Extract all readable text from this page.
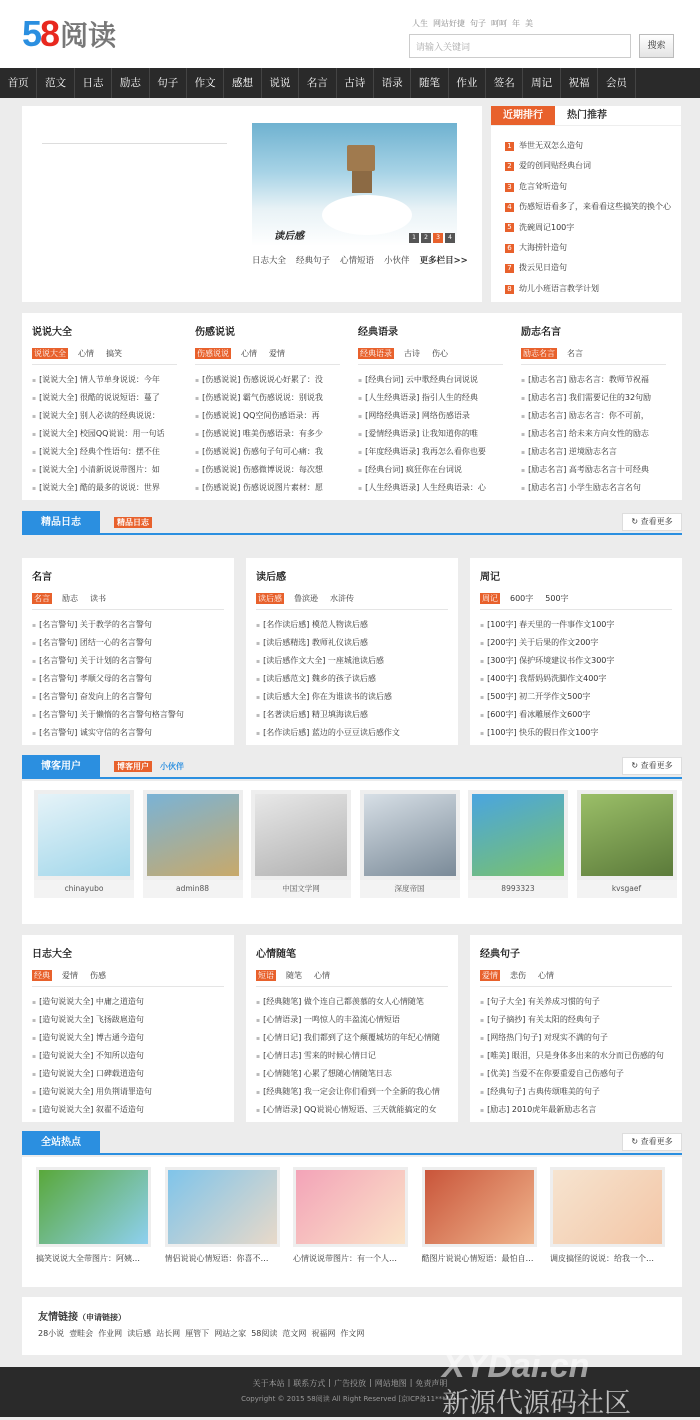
5 8 阅读	人生 网站好捷 句子 呵呵 年 美
请输入关键词	搜索
首页	范文	日志	励志	句子	作文	感想	说说	名言	古诗	语录	随笔	作业	签名	周记	祝福	会员
读后感	1	2	3	4
日志大全 经典句子 心情短语 小伙伴 更多栏目>>
近期排行	热门推荐
1 举世无双怎么造句
2 爱的创同贴经典台词
3 危言耸听造句
4 伤感短语看多了，来看看这些搞笑的换个心
5 洗碗周记100字
6 大海捞针造句
7 拨云见日造句
8 幼儿小班语言教学计划
说说大全
说说大全 心情 搞笑
▪ [说说大全] 情人节单身说说：今年
▪ [说说大全] 很酷的说说短语：蔓了
▪ [说说大全] 别人必读的经典说说：
▪ [说说大全] 校园QQ说说：用一句话
▪ [说说大全] 经典个性语句：摆不住
▪ [说说大全] 小清新说说带图片：如
▪ [说说大全] 酷的最多的说说：世界
伤感说说
伤感说说 心情 爱情
▪ [伤感说说] 伤感说说心好累了：没
▪ [伤感说说] 霸气伤感说说：别说我
▪ [伤感说说] QQ空间伤感语录：再
▪ [伤感说说] 唯美伤感语录：有多少
▪ [伤感说说] 伤感句子句可心痛：我
▪ [伤感说说] 伤感微博说说：每次想
▪ [伤感说说] 伤感说说图片素材：愿
经典语录
经典语录 古诗 伤心
▪ [经典台词] 云中歌经典台词说说
▪ [人生经典语录] 指引人生的经典
▪ [网络经典语录] 网络伤感语录
▪ [爱情经典语录] 让我知道你的唯
▪ [年度经典语录] 我再怎么看你也要
▪ [经典台词] 疯狂你在台词说
▪ [人生经典语录] 人生经典语录：心
励志名言
励志名言 名言
▪ [励志名言] 励志名言：教师节祝福
▪ [励志名言] 我们需要记住的32句励
▪ [励志名言] 励志名言：你不可前，
▪ [励志名言] 给未来方向女性的励志
▪ [励志名言] 逆境励志名言
▪ [励志名言] 高考励志名言十可经典
▪ [励志名言] 小学生励志名言名句
精品日志	精品日志	↻ 查看更多
名言
名言 励志 读书
▪ [名言警句] 关于教学的名言警句
▪ [名言警句] 团结一心的名言警句
▪ [名言警句] 关于计划的名言警句
▪ [名言警句] 孝顺父母的名言警句
▪ [名言警句] 奋发向上的名言警句
▪ [名言警句] 关于懒惰的名言警句格言警句
▪ [名言警句] 诚实守信的名言警句
读后感
读后感 鲁滨逊 水浒传
▪ [名作读后感] 模范人物读后感
▪ [读后感精选] 教师礼仪读后感
▪ [读后感作文大全] 一座城池读后感
▪ [读后感范文] 魏乡的孩子读后感
▪ [读后感大全] 你在为谁读书的读后感
▪ [名著读后感] 精卫填海读后感
▪ [名作读后感] 蓝边的小豆豆读后感作文
周记
周记 600字 500字
▪ [100字] 春天里的一件事作文100字
▪ [200字] 关于后果的作文200字
▪ [300字] 保护环境建议书作文300字
▪ [400字] 我帮妈妈洗脚作文400字
▪ [500字] 初二开学作文500字
▪ [600字] 看冰雕展作文600字
▪ [100字] 快乐的假日作文100字
博客用户	博客用户	小伙伴	↻ 查看更多
chinayubo	admin88	中国文学网	深度帝国	8993323	kvsgaef
日志大全
经典 爱情 伤感
▪ [造句说说大全] 中庸之道造句
▪ [造句说说大全] 飞扬跋扈造句
▪ [造句说说大全] 博古通今造句
▪ [造句说说大全] 不知所以造句
▪ [造句说说大全] 口碑载道造句
▪ [造句说说大全] 用负荆请罪造句
▪ [造句说说大全] 叙翟不适造句
心情随笔
短语 随笔 心情
▪ [经典随笔] 做个连自己都羡慕的女人心情随笔
▪ [心情语录] 一鸣惊人的丰盈流心情短语
▪ [心情日记] 我们都到了这个颠覆城坊的年纪心情随
▪ [心情日志] 雪来的时候心情日记
▪ [心情随笔] 心累了想随心情随笔日志
▪ [经典随笔] 我一定会让你们看到一个全新的我心情
▪ [心情语录] QQ说说心情短语、三天就能搞定的女
经典句子
爱情 悲伤 心情
▪ [句子大全] 有关养成习惯的句子
▪ [句子摘抄] 有关太阳的经典句子
▪ [网络热门句子] 对现实不满的句子
▪ [唯美] 眼泪，只是身体多出来的水分而已伤感的句
▪ [优美] 当爱不在你要重爱自己伤感句子
▪ [经典句子] 古典传颂唯美的句子
▪ [励志] 2010虎年最新励志名言
全站热点	↻ 查看更多
搞笑说说大全带图片：阿姨…	情侣说说心情短语：你喜不…	心情说说带图片：有一个人…	酷图片说说心情短语：最怕自…	调皮搞怪的说说：给我一个…
友情链接（申请链接）
28小说 壹畦会 作业网 读后感 站长网 厘管下 网站之家 58阅读 范文网 祝福网 作文网
关于本站 | 联系方式 | 广告投放 | 网站地图 | 免责声明
Copyright © 2015 58阅读 All Right Reserved [京ICP备11****号]
XYDai.cn
新源代源码社区
